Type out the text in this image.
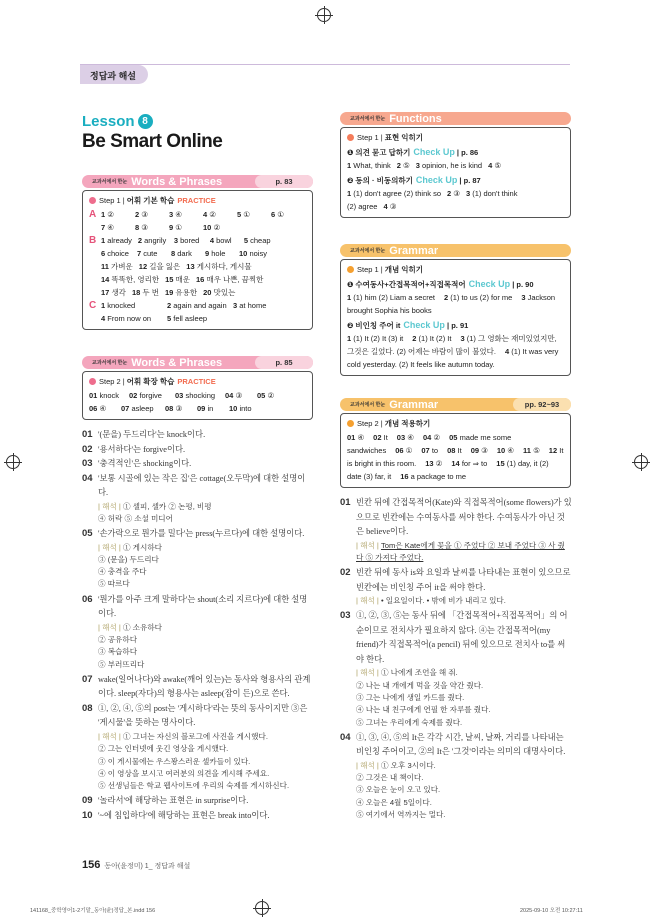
정답과 해설
Lesson 8
Be Smart Online
교과서에서 한눈 Words & Phrases	p. 83
Step 1 | 어휘 기본 학습 PRACTICE
A 1 ②	2 ③	3 ④	4 ②	5 ①	6 ①
7 ④	8 ③	9 ①	10 ②
B 1 already 2 angrily 3 bored	4 bowl	5 cheap
6 choice 7 cute	8 dark	9 hole	10 noisy
11 가벼운 12 길을 잃은 13 게시하다, 게시물
14 똑똑한, 영리한 15 매운 16 매우 나쁜, 끔찍한
17 생각 18 두 번 19 유용한 20 맛있는
C 1 knocked	2 again and again 3 at home
4 From now on	5 fell asleep
교과서에서 한눈 Words & Phrases	p. 85
Step 2 | 어휘 확장 학습 PRACTICE
01 knock	02 forgive	03 shocking	04 ③	05 ②
06 ④	07 asleep	08 ③	09 in	10 into
01 '(문을) 두드리다'는 knock이다.
02 '용서하다'는 forgive이다.
03 '충격적인'은 shocking이다.
04 '보통 시골에 있는 작은 집'은 cottage(오두막)에 대한 설명이다.
| 해석 | ① 셀피, 셀카 ② 논평, 비평
④ 허락 ⑤ 소셜 미디어
05 '손가락으로 뭔가를 밀다'는 press(누르다)에 대한 설명이다.
| 해석 | ① 게시하다
③ (문을) 두드리다
④ 충격을 주다
⑤ 따르다
06 '뭔가를 아주 크게 말하다'는 shout(소리 지르다)에 대한 설명이다.
| 해석 | ① 소유하다
② 공유하다
③ 복습하다
⑤ 부러뜨리다
07 wake(일어나다)와 awake(깨어 있는)는 동사와 형용사의 관계이다. sleep(자다)의 형용사는 asleep(잠이 든)으로 쓴다.
08 ①, ②, ④, ⑤의 post는 '게시하다'라는 뜻의 동사이지만 ③은 '게시물'을 뜻하는 명사이다.
| 해석 | ① 그녀는 자신의 블로그에 사진을 게시했다.
② 그는 인터넷에 웃긴 영상을 게시했다.
③ 이 게시물에는 우스꽝스러운 셀카들이 있다.
④ 이 영상을 보시고 여러분의 의견을 게시해 주세요.
⑤ 선생님들은 학교 웹사이트에 우리의 숙제를 게시하신다.
09 '놀라서'에 해당하는 표현은 in surprise이다.
10 '~에 침입하다'에 해당하는 표현은 break into이다.
교과서에서 한눈 Functions
Step 1 | 표현 익히기
❶ 의견 묻고 답하기 Check Up | p. 86
1 What, think 2 ⑤ 3 opinion, he is kind 4 ⑤
❷ 동의 · 비동의하기 Check Up | p. 87
1 (1) don't agree (2) think so 2 ③ 3 (1) don't think
(2) agree 4 ③
교과서에서 한눈 Grammar
Step 1 | 개념 익히기
❶ 수여동사+간접목적어+직접목적어 Check Up | p. 90
1 (1) him (2) Liam a secret 2 (1) to us (2) for me 3 Jackson brought Sophia his books
❷ 비인칭 주어 it Check Up | p. 91
1 (1) It (2) It (3) it 2 (1) It (2) It 3 (1) 그 영화는 재미있었지만, 그것은 길었다. (2) 어제는 바람이 많이 불었다. 4 (1) It was very cold yesterday. (2) It feels like autumn today.
교과서에서 한눈 Grammar	pp. 92~93
Step 2 | 개념 적용하기
01 ④ 02 It 03 ④ 04 ② 05 made me some sandwiches 06 ① 07 to 08 It 09 ③ 10 ④ 11 ⑤ 12 It is bright in this room. 13 ② 14 for ⇒ to 15 (1) day, it (2) date (3) far, it 16 a package to me
01 빈칸 뒤에 간접목적어(Kate)와 직접목적어(some flowers)가 있으므로 빈칸에는 수여동사를 써야 한다. 수여동사가 아닌 것은 believe이다.
| 해석 | Tom은 Kate에게 꽃을 ① 주었다 ② 보내 주었다 ③ 사 줬다 ⑤ 가져다 주었다.
02 빈칸 뒤에 동사 is와 요일과 날씨를 나타내는 표현이 있으므로 빈칸에는 비인칭 주어 it을 써야 한다.
| 해석 | • 일요일이다. • 밖에 비가 내리고 있다.
03 ①, ②, ③, ⑤는 동사 뒤에 「간접목적어+직접목적어」의 어순이므로 전치사가 필요하지 않다. ④는 간접목적어(my friend)가 직접목적어(a pencil) 뒤에 있으므로 전치사 to를 써야 한다.
| 해석 | ① 나에게 조언을 해 줘.
② 나는 내 개에게 먹을 것을 약간 줬다.
③ 그는 나에게 생일 카드를 줬다.
④ 나는 내 친구에게 연필 한 자루를 줬다.
⑤ 그녀는 우리에게 숙제를 줬다.
04 ①, ③, ④, ⑤의 It은 각각 시간, 날씨, 날짜, 거리를 나타내는 비인칭 주어이고, ②의 It은 '그것'이라는 의미의 대명사이다.
| 해석 | ① 오후 3시이다.
② 그것은 내 책이다.
③ 오늘은 눈이 오고 있다.
④ 오늘은 4월 5일이다.
⑤ 여기에서 역까지는 멀다.
156 동아(윤정미) 1_ 정답과 해설
141168_중학영어1-2기말_동아(윤)정답_본.indd 156	2025-09-10 오전 10:27:11
